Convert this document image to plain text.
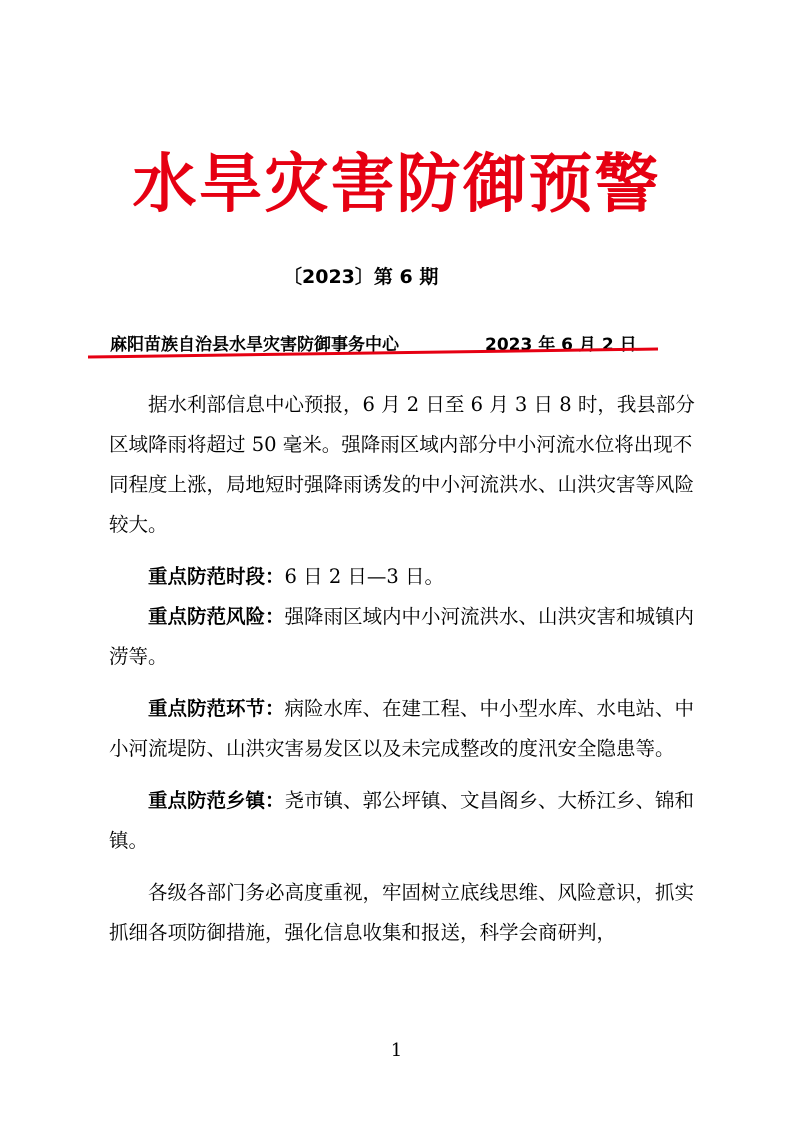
水旱灾害防御预警
〔2023〕第 6 期
麻阳苗族自治县水旱灾害防御事务中心	2023 年 6 月 2 日

据水利部信息中心预报，6 月 2 日至 6 月 3 日 8 时，我县部分区域降雨将超过 50 毫米。强降雨区域内部分中小河流水位将出现不同程度上涨，局地短时强降雨诱发的中小河流洪水、山洪灾害等风险较大。

重点防范时段：6 日 2 日—3 日。

重点防范风险：强降雨区域内中小河流洪水、山洪灾害和城镇内涝等。

重点防范环节：病险水库、在建工程、中小型水库、水电站、中小河流堤防、山洪灾害易发区以及未完成整改的度汛安全隐患等。

重点防范乡镇：尧市镇、郭公坪镇、文昌阁乡、大桥江乡、锦和镇。

各级各部门务必高度重视，牢固树立底线思维、风险意识，抓实抓细各项防御措施，强化信息收集和报送，科学会商研判，

1
